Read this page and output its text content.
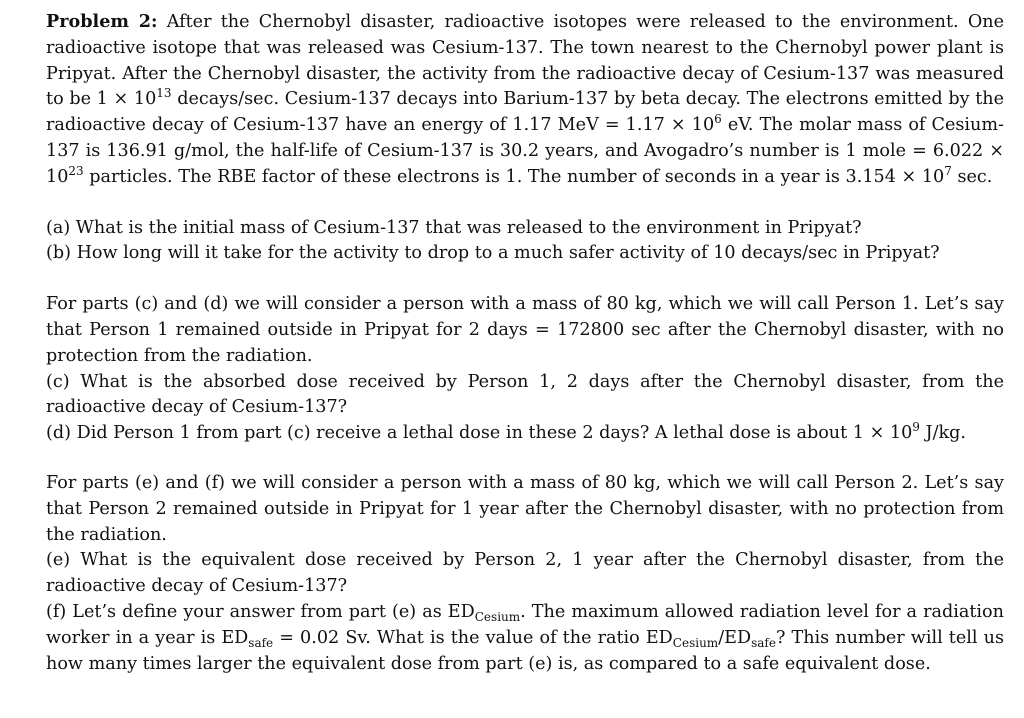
Problem 2: After the Chernobyl disaster, radioactive isotopes were released to the environment. One radioactive isotope that was released was Cesium-137. The town nearest to the Chernobyl power plant is Pripyat. After the Chernobyl disaster, the activity from the radioactive decay of Cesium-137 was measured to be $1 \times 10^{13}$ decays/sec. Cesium-137 decays into Barium-137 by beta decay. The electrons emitted by the radioactive decay of Cesium-137 have an energy of 1.17 MeV = $1.17 \times 10^6$ eV. The molar mass of Cesium-137 is 136.91 g/mol, the half-life of Cesium-137 is 30.2 years, and Avogadro’s number is 1 mole = $6.022 \times 10^{23}$ particles. The RBE factor of these electrons is 1. The number of seconds in a year is $3.154 \times 10^7$ sec.

(a) What is the initial mass of Cesium-137 that was released to the environment in Pripyat?

(b) How long will it take for the activity to drop to a much safer activity of 10 decays/sec in Pripyat?

For parts (c) and (d) we will consider a person with a mass of 80 kg, which we will call Person 1. Let’s say that Person 1 remained outside in Pripyat for 2 days = 172800 sec after the Chernobyl disaster, with no protection from the radiation.

(c) What is the absorbed dose received by Person 1, 2 days after the Chernobyl disaster, from the radioactive decay of Cesium-137?

(d) Did Person 1 from part (c) receive a lethal dose in these 2 days? A lethal dose is about $1 \times 10^9$ J/kg.

For parts (e) and (f) we will consider a person with a mass of 80 kg, which we will call Person 2. Let’s say that Person 2 remained outside in Pripyat for 1 year after the Chernobyl disaster, with no protection from the radiation.

(e) What is the equivalent dose received by Person 2, 1 year after the Chernobyl disaster, from the radioactive decay of Cesium-137?

(f) Let’s define your answer from part (e) as $ED_{Cesium}$. The maximum allowed radiation level for a radiation worker in a year is $ED_{safe} = 0.02$ Sv. What is the value of the ratio $ED_{Cesium}/ED_{safe}$? This number will tell us how many times larger the equivalent dose from part (e) is, as compared to a safe equivalent dose.
